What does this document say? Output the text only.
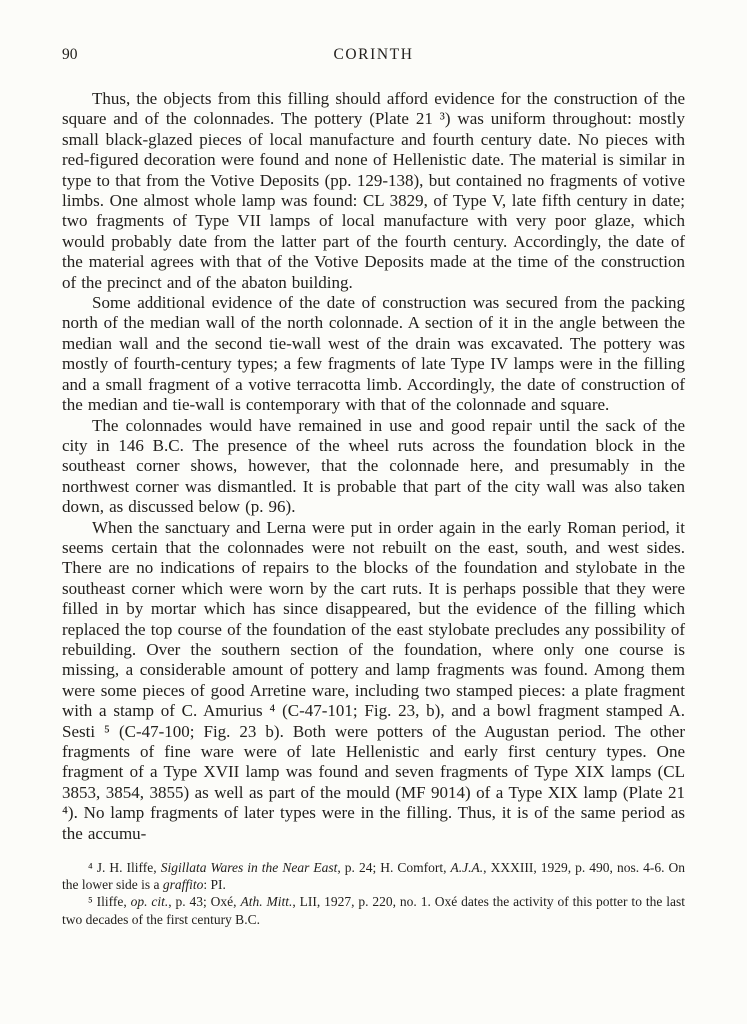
90	CORINTH

Thus, the objects from this filling should afford evidence for the construction of the square and of the colonnades. The pottery (Plate 21 ³) was uniform throughout: mostly small black-glazed pieces of local manufacture and fourth century date. No pieces with red-figured decoration were found and none of Hellenistic date. The material is similar in type to that from the Votive Deposits (pp. 129-138), but contained no fragments of votive limbs. One almost whole lamp was found: CL 3829, of Type V, late fifth century in date; two fragments of Type VII lamps of local manufacture with very poor glaze, which would probably date from the latter part of the fourth century. Accordingly, the date of the material agrees with that of the Votive Deposits made at the time of the construction of the precinct and of the abaton building.

Some additional evidence of the date of construction was secured from the packing north of the median wall of the north colonnade. A section of it in the angle between the median wall and the second tie-wall west of the drain was excavated. The pottery was mostly of fourth-century types; a few fragments of late Type IV lamps were in the filling and a small fragment of a votive terracotta limb. Accordingly, the date of construction of the median and tie-wall is contemporary with that of the colonnade and square.

The colonnades would have remained in use and good repair until the sack of the city in 146 B.C. The presence of the wheel ruts across the foundation block in the southeast corner shows, however, that the colonnade here, and presumably in the northwest corner was dismantled. It is probable that part of the city wall was also taken down, as discussed below (p. 96).

When the sanctuary and Lerna were put in order again in the early Roman period, it seems certain that the colonnades were not rebuilt on the east, south, and west sides. There are no indications of repairs to the blocks of the foundation and stylobate in the southeast corner which were worn by the cart ruts. It is perhaps possible that they were filled in by mortar which has since disappeared, but the evidence of the filling which replaced the top course of the foundation of the east stylobate precludes any possibility of rebuilding. Over the southern section of the foundation, where only one course is missing, a considerable amount of pottery and lamp fragments was found. Among them were some pieces of good Arretine ware, including two stamped pieces: a plate fragment with a stamp of C. Amurius ⁴ (C-47-101; Fig. 23, b), and a bowl fragment stamped A. Sesti ⁵ (C-47-100; Fig. 23 b). Both were potters of the Augustan period. The other fragments of fine ware were of late Hellenistic and early first century types. One fragment of a Type XVII lamp was found and seven fragments of Type XIX lamps (CL 3853, 3854, 3855) as well as part of the mould (MF 9014) of a Type XIX lamp (Plate 21 ⁴). No lamp fragments of later types were in the filling. Thus, it is of the same period as the accumu-

⁴ J. H. Iliffe, Sigillata Wares in the Near East, p. 24; H. Comfort, A.J.A., XXXIII, 1929, p. 490, nos. 4-6. On the lower side is a graffito: PI.

⁵ Iliffe, op. cit., p. 43; Oxé, Ath. Mitt., LII, 1927, p. 220, no. 1. Oxé dates the activity of this potter to the last two decades of the first century B.C.
